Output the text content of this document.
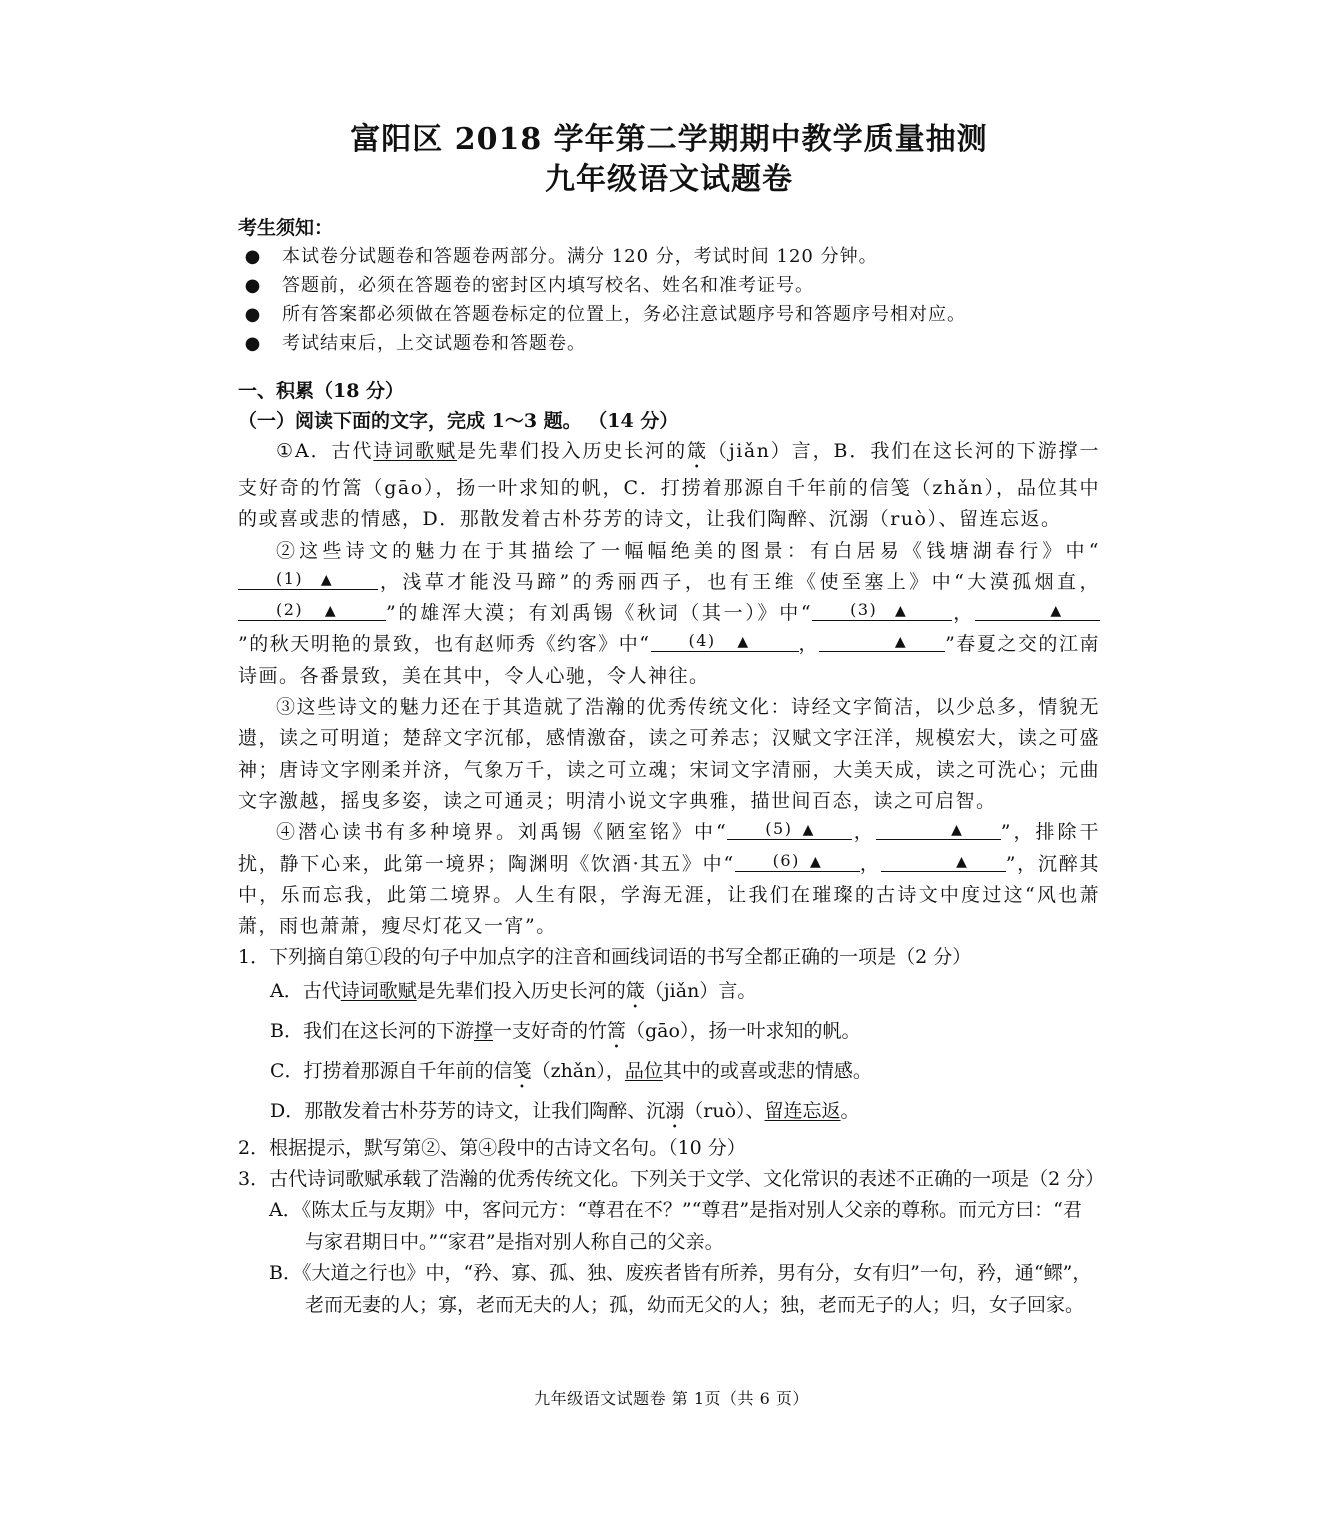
富阳区 2018 学年第二学期期中教学质量抽测
九年级语文试题卷
考生须知：
● 本试卷分试题卷和答题卷两部分。满分 120 分，考试时间 120 分钟。
● 答题前，必须在答题卷的密封区内填写校名、姓名和准考证号。
● 所有答案都必须做在答题卷标定的位置上，务必注意试题序号和答题序号相对应。
● 考试结束后，上交试题卷和答题卷。
一、积累（18 分）
（一）阅读下面的文字，完成 1～3 题。 （14 分）

①A．古代诗词歌赋是先辈们投入历史长河的箴（jiǎn）言，B．我们在这长河的下游撑一支好奇的竹篙（gāo），扬一叶求知的帆，C．打捞着那源自千年前的信笺（zhǎn），品位其中的或喜或悲的情感，D．那散发着古朴芬芳的诗文，让我们陶醉、沉溺（ruò）、留连忘返。

②这些诗文的魅力在于其描绘了一幅幅绝美的图景：有白居易《钱塘湖春行》中“
(1)	▲	，浅草才能没马蹄”的秀丽西子，也有王维《使至塞上》中“大漠孤烟直，
(2)	▲	”的雄浑大漠；有刘禹锡《秋词（其一）》中“	(3)	▲	，	▲
”的秋天明艳的景致，也有赵师秀《约客》中“	(4)	▲	，	▲	”春夏之交的江南诗画。各番景致，美在其中，令人心驰，令人神往。

③这些诗文的魅力还在于其造就了浩瀚的优秀传统文化：诗经文字简洁，以少总多，情貌无遗，读之可明道；楚辞文字沉郁，感情激奋，读之可养志；汉赋文字汪洋，规模宏大，读之可盛神；唐诗文字刚柔并济，气象万千，读之可立魂；宋词文字清丽，大美天成，读之可洗心；元曲文字激越，摇曳多姿，读之可通灵；明清小说文字典雅，描世间百态，读之可启智。

④潜心读书有多种境界。刘禹锡《陋室铭》中“	(5) ▲	，	▲	”，排除干扰，静下心来，此第一境界；陶渊明《饮酒·其五》中“	(6) ▲	，	▲	”，沉醉其中，乐而忘我，此第二境界。人生有限，学海无涯，让我们在璀璨的古诗文中度过这“风也萧萧，雨也萧萧，瘦尽灯花又一宵”。

1．下列摘自第①段的句子中加点字的注音和画线词语的书写全都正确的一项是（2 分）

A．古代诗词歌赋是先辈们投入历史长河的箴（jiǎn）言。

B．我们在这长河的下游撑一支好奇的竹篙（gāo），扬一叶求知的帆。

C．打捞着那源自千年前的信笺（zhǎn），品位其中的或喜或悲的情感。

D．那散发着古朴芬芳的诗文，让我们陶醉、沉溺（ruò）、留连忘返。

2．根据提示，默写第②、第④段中的古诗文名句。（10 分）

3．古代诗词歌赋承载了浩瀚的优秀传统文化。下列关于文学、文化常识的表述不正确的一项是（2 分）

A．《陈太丘与友期》中，客问元方：“尊君在不？”“尊君”是指对别人父亲的尊称。而元方曰：“君与家君期日中。”“家君”是指对别人称自己的父亲。

B．《大道之行也》中，“矜、寡、孤、独、废疾者皆有所养，男有分，女有归”一句，矜，通“鳏”，老而无妻的人；寡，老而无夫的人；孤，幼而无父的人；独，老而无子的人；归，女子回家。

九年级语文试题卷 第 1页（共 6 页）
